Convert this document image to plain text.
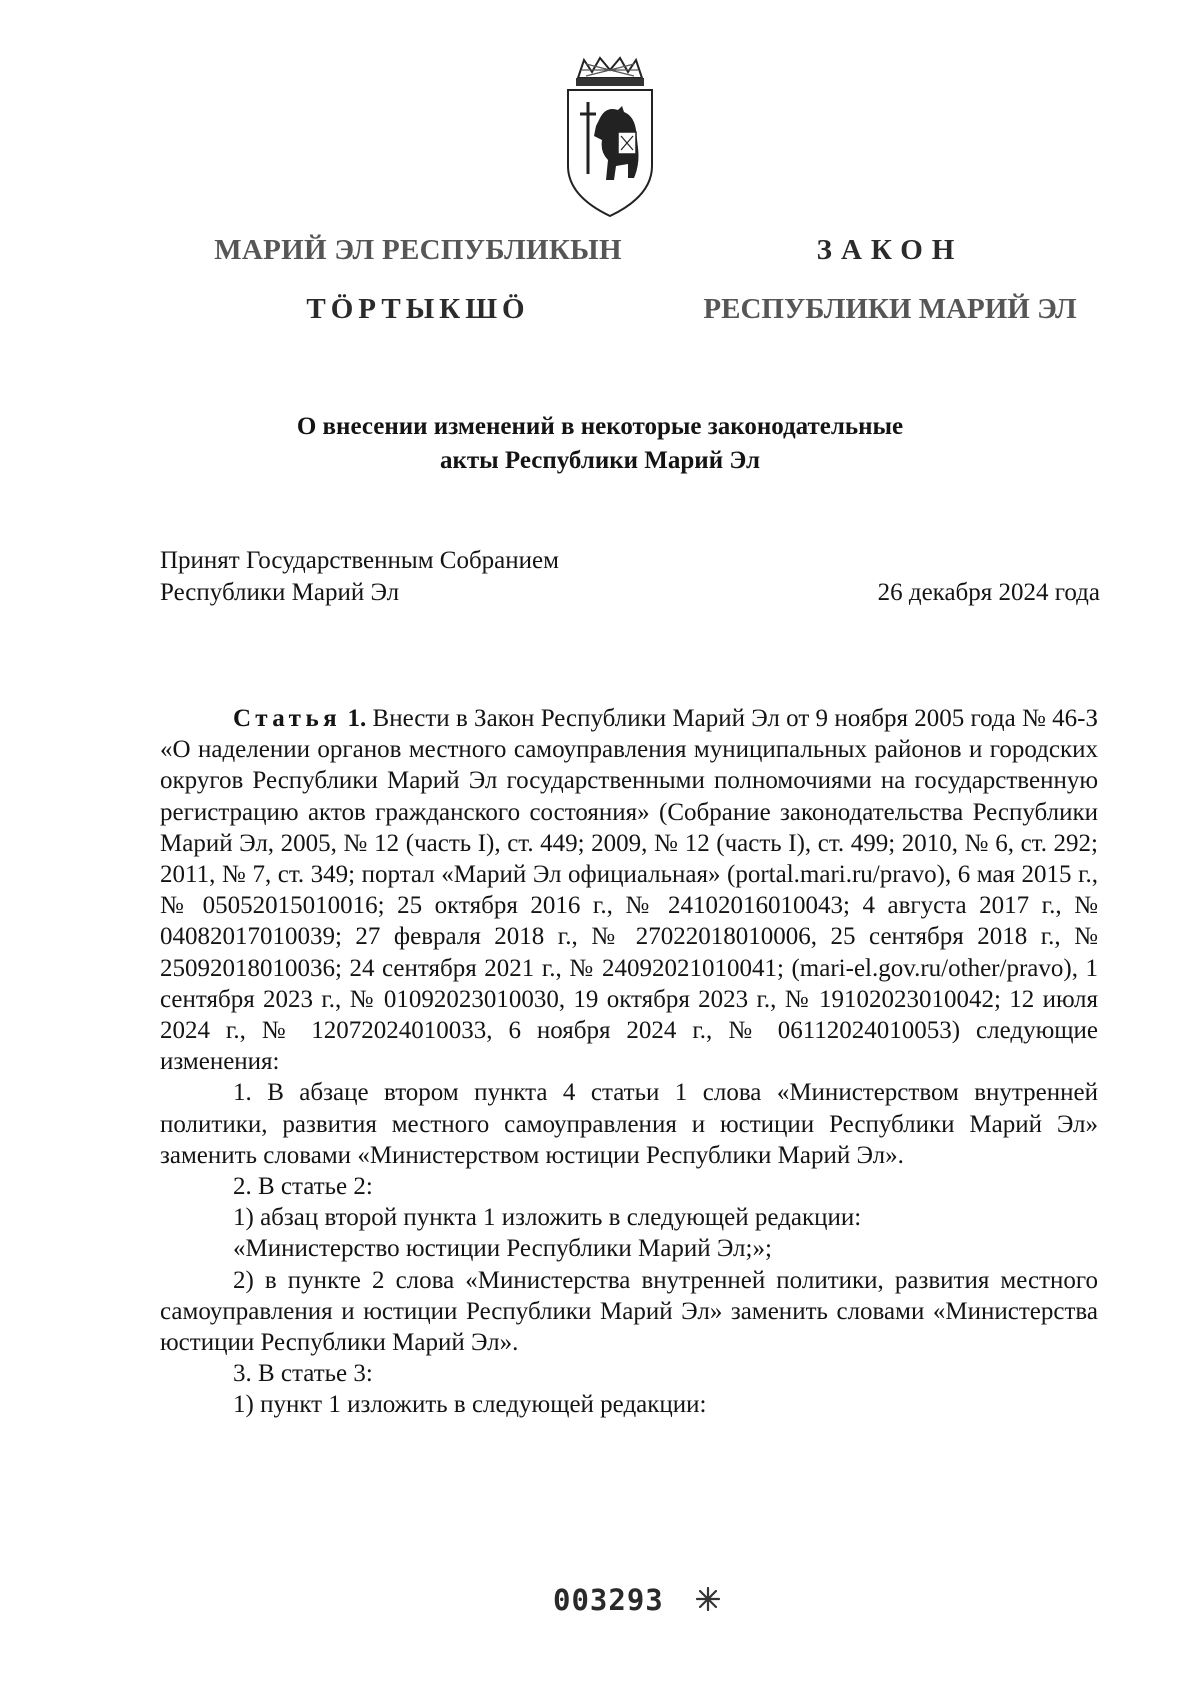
МАРИЙ ЭЛ РЕСПУБЛИКЫН
ТӦРТЫКШӦ
ЗАКОН
РЕСПУБЛИКИ МАРИЙ ЭЛ
О внесении изменений в некоторые законодательные
акты Республики Марий Эл
Принят Государственным Собранием
Республики Марий Эл	26 декабря 2024 года

Статья 1. Внести в Закон Республики Марий Эл от 9 ноября 2005 года № 46-З «О наделении органов местного самоуправления муниципальных районов и городских округов Республики Марий Эл государственными полномочиями на государственную регистрацию актов гражданского состояния» (Собрание законодательства Республики Марий Эл, 2005, № 12 (часть I), ст. 449; 2009, № 12 (часть I), ст. 499; 2010, № 6, ст. 292; 2011, № 7, ст. 349; портал «Марий Эл официальная» (portal.mari.ru/pravo), 6 мая 2015 г., № 05052015010016; 25 октября 2016 г., № 24102016010043; 4 августа 2017 г., № 04082017010039; 27 февраля 2018 г., № 27022018010006, 25 сентября 2018 г., № 25092018010036; 24 сентября 2021 г., № 24092021010041; (mari-el.gov.ru/other/pravo), 1 сентября 2023 г., № 01092023010030, 19 октября 2023 г., № 19102023010042; 12 июля 2024 г., № 12072024010033, 6 ноября 2024 г., № 06112024010053) следующие изменения:

1. В абзаце втором пункта 4 статьи 1 слова «Министерством внутренней политики, развития местного самоуправления и юстиции Республики Марий Эл» заменить словами «Министерством юстиции Республики Марий Эл».

2. В статье 2:

1) абзац второй пункта 1 изложить в следующей редакции:

«Министерство юстиции Республики Марий Эл;»;

2) в пункте 2 слова «Министерства внутренней политики, развития местного самоуправления и юстиции Республики Марий Эл» заменить словами «Министерства юстиции Республики Марий Эл».

3. В статье 3:

1) пункт 1 изложить в следующей редакции:

003293
